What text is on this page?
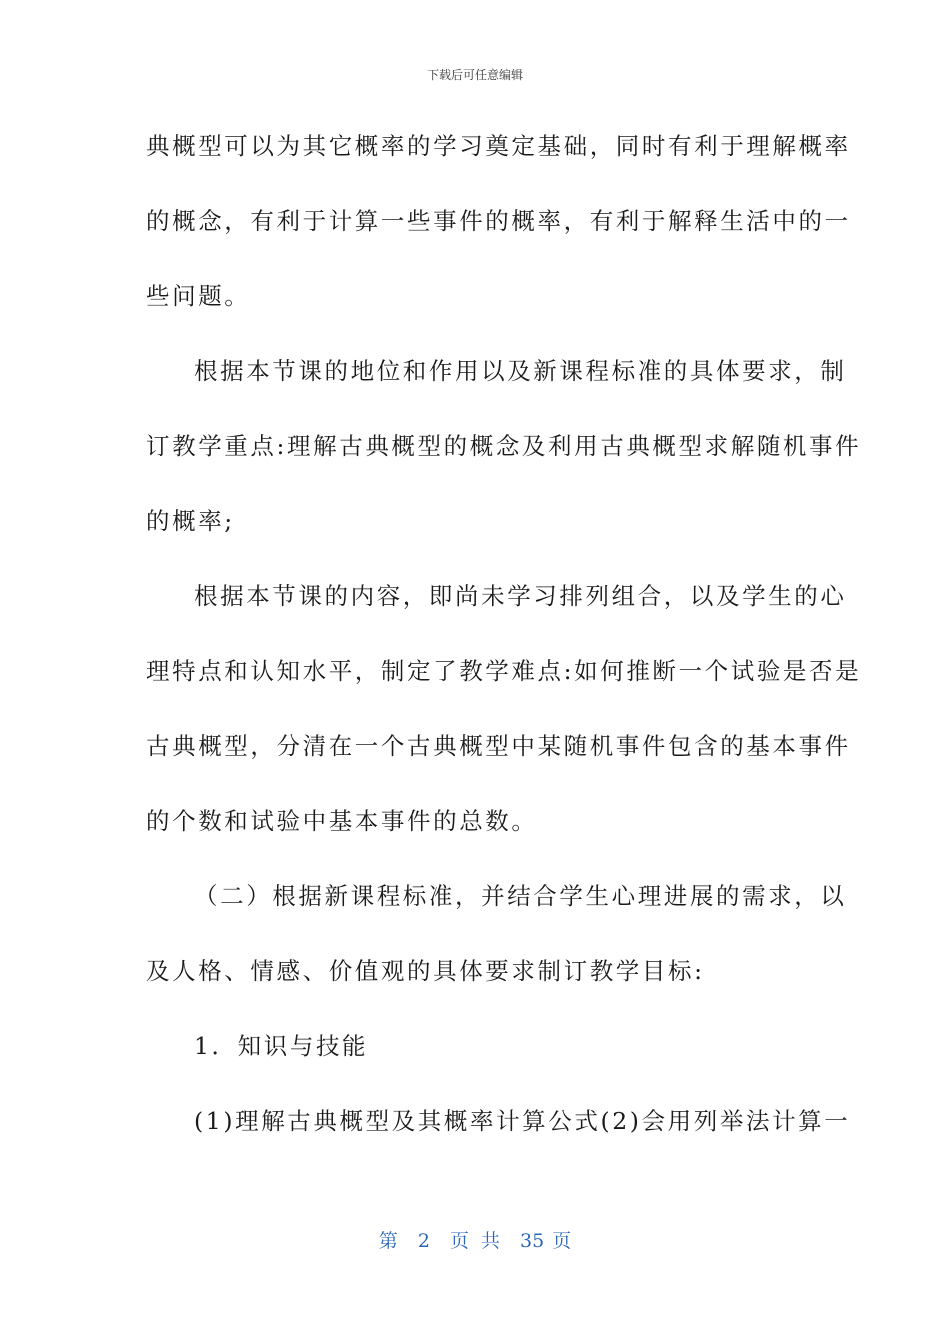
下载后可任意编辑
典概型可以为其它概率的学习奠定基础，同时有利于理解概率
的概念，有利于计算一些事件的概率，有利于解释生活中的一
些问题。
根据本节课的地位和作用以及新课程标准的具体要求，制
订教学重点:理解古典概型的概念及利用古典概型求解随机事件
的概率;
根据本节课的内容，即尚未学习排列组合，以及学生的心
理特点和认知水平，制定了教学难点:如何推断一个试验是否是
古典概型，分清在一个古典概型中某随机事件包含的基本事件
的个数和试验中基本事件的总数。
（二）根据新课程标准，并结合学生心理进展的需求，以
及人格、情感、价值观的具体要求制订教学目标:
1．知识与技能
(1)理解古典概型及其概率计算公式(2)会用列举法计算一
第 2 页 共 35 页
